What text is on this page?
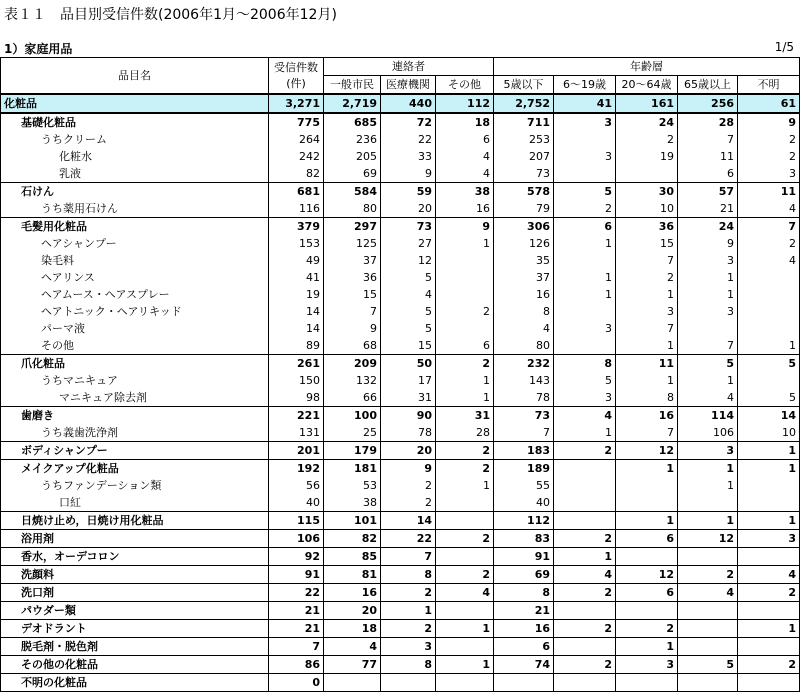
表１１　品目別受信件数(2006年1月～2006年12月)
1）家庭用品	1/5
品目名	受信件数
(件)	連絡者			年齢層				
		一般市民	医療機関	その他	5歳以下	6～19歳	20～64歳	65歳以上	不明
化粧品	3,271	2,719	440	112	2,752	41	161	256	61
基礎化粧品	775	685	72	18	711	3	24	28	9
うちクリーム	264	236	22	6	253		2	7	2
化粧水	242	205	33	4	207	3	19	11	2
乳液	82	69	9	4	73			6	3
石けん	681	584	59	38	578	5	30	57	11
うち薬用石けん	116	80	20	16	79	2	10	21	4
毛髪用化粧品	379	297	73	9	306	6	36	24	7
ヘアシャンプー	153	125	27	1	126	1	15	9	2
染毛料	49	37	12		35		7	3	4
ヘアリンス	41	36	5		37	1	2	1	
ヘアムース・ヘアスプレー	19	15	4		16	1	1	1	
ヘアトニック・ヘアリキッド	14	7	5	2	8		3	3	
パーマ液	14	9	5		4	3	7		
その他	89	68	15	6	80		1	7	1
爪化粧品	261	209	50	2	232	8	11	5	5
うちマニキュア	150	132	17	1	143	5	1	1	
マニキュア除去剤	98	66	31	1	78	3	8	4	5
歯磨き	221	100	90	31	73	4	16	114	14
うち義歯洗浄剤	131	25	78	28	7	1	7	106	10
ボディシャンプー	201	179	20	2	183	2	12	3	1
メイクアップ化粧品	192	181	9	2	189		1	1	1
うちファンデーション類	56	53	2	1	55			1	
口紅	40	38	2		40				
日焼け止め，日焼け用化粧品	115	101	14		112		1	1	1
浴用剤	106	82	22	2	83	2	6	12	3
香水，オーデコロン	92	85	7		91	1			
洗顔料	91	81	8	2	69	4	12	2	4
洗口剤	22	16	2	4	8	2	6	4	2
パウダー類	21	20	1		21				
デオドラント	21	18	2	1	16	2	2		1
脱毛剤・脱色剤	7	4	3		6		1		
その他の化粧品	86	77	8	1	74	2	3	5	2
不明の化粧品	0								
